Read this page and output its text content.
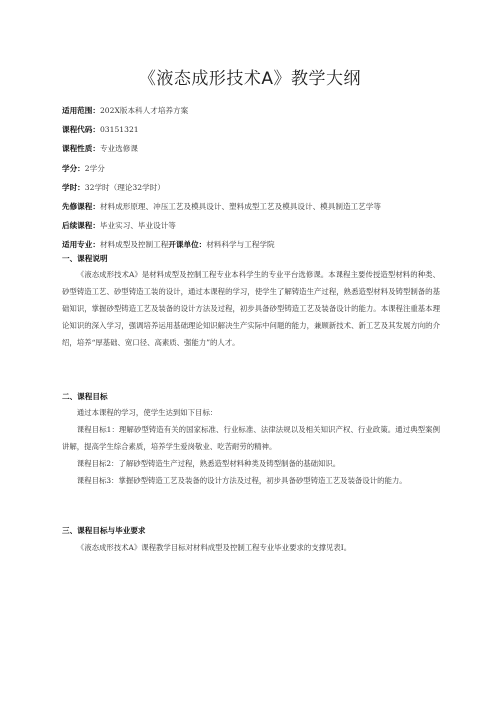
《液态成形技术A》教学大纲
适用范围：202X版本科人才培养方案
课程代码：03151321
课程性质：专业选修课
学分：2学分
学时：32学时（理论32学时）
先修课程：材料成形原理、冲压工艺及模具设计、塑料成型工艺及模具设计、模具制造工艺学等
后续课程：毕业实习、毕业设计等
适用专业：材料成型及控制工程开课单位：材料科学与工程学院
一、课程说明

《液态成形技术A》是材料成型及控制工程专业本科学生的专业平台选修课。本课程主要传授造型材料的种类、砂型铸造工艺、砂型铸造工装的设计，通过本课程的学习，使学生了解铸造生产过程，熟悉造型材料及铸型制备的基础知识，掌握砂型铸造工艺及装备的设计方法及过程，初步具备砂型铸造工艺及装备设计的能力。本课程注重基本理论知识的深入学习，强调培养运用基础理论知识解决生产实际中问题的能力，兼顾新技术、新工艺及其发展方向的介绍，培养“厚基础、宽口径、高素质、强能力”的人才。

二、课程目标

通过本课程的学习，使学生达到如下目标：

课程目标1：理解砂型铸造有关的国家标准、行业标准、法律法规以及相关知识产权、行业政策。通过典型案例讲解，提高学生综合素质，培养学生爱岗敬业、吃苦耐劳的精神。

课程目标2：了解砂型铸造生产过程，熟悉造型材料种类及铸型制备的基础知识。

课程目标3：掌握砂型铸造工艺及装备的设计方法及过程，初步具备砂型铸造工艺及装备设计的能力。

三、课程目标与毕业要求

《液态成形技术A》课程教学目标对材料成型及控制工程专业毕业要求的支撑见表I。
